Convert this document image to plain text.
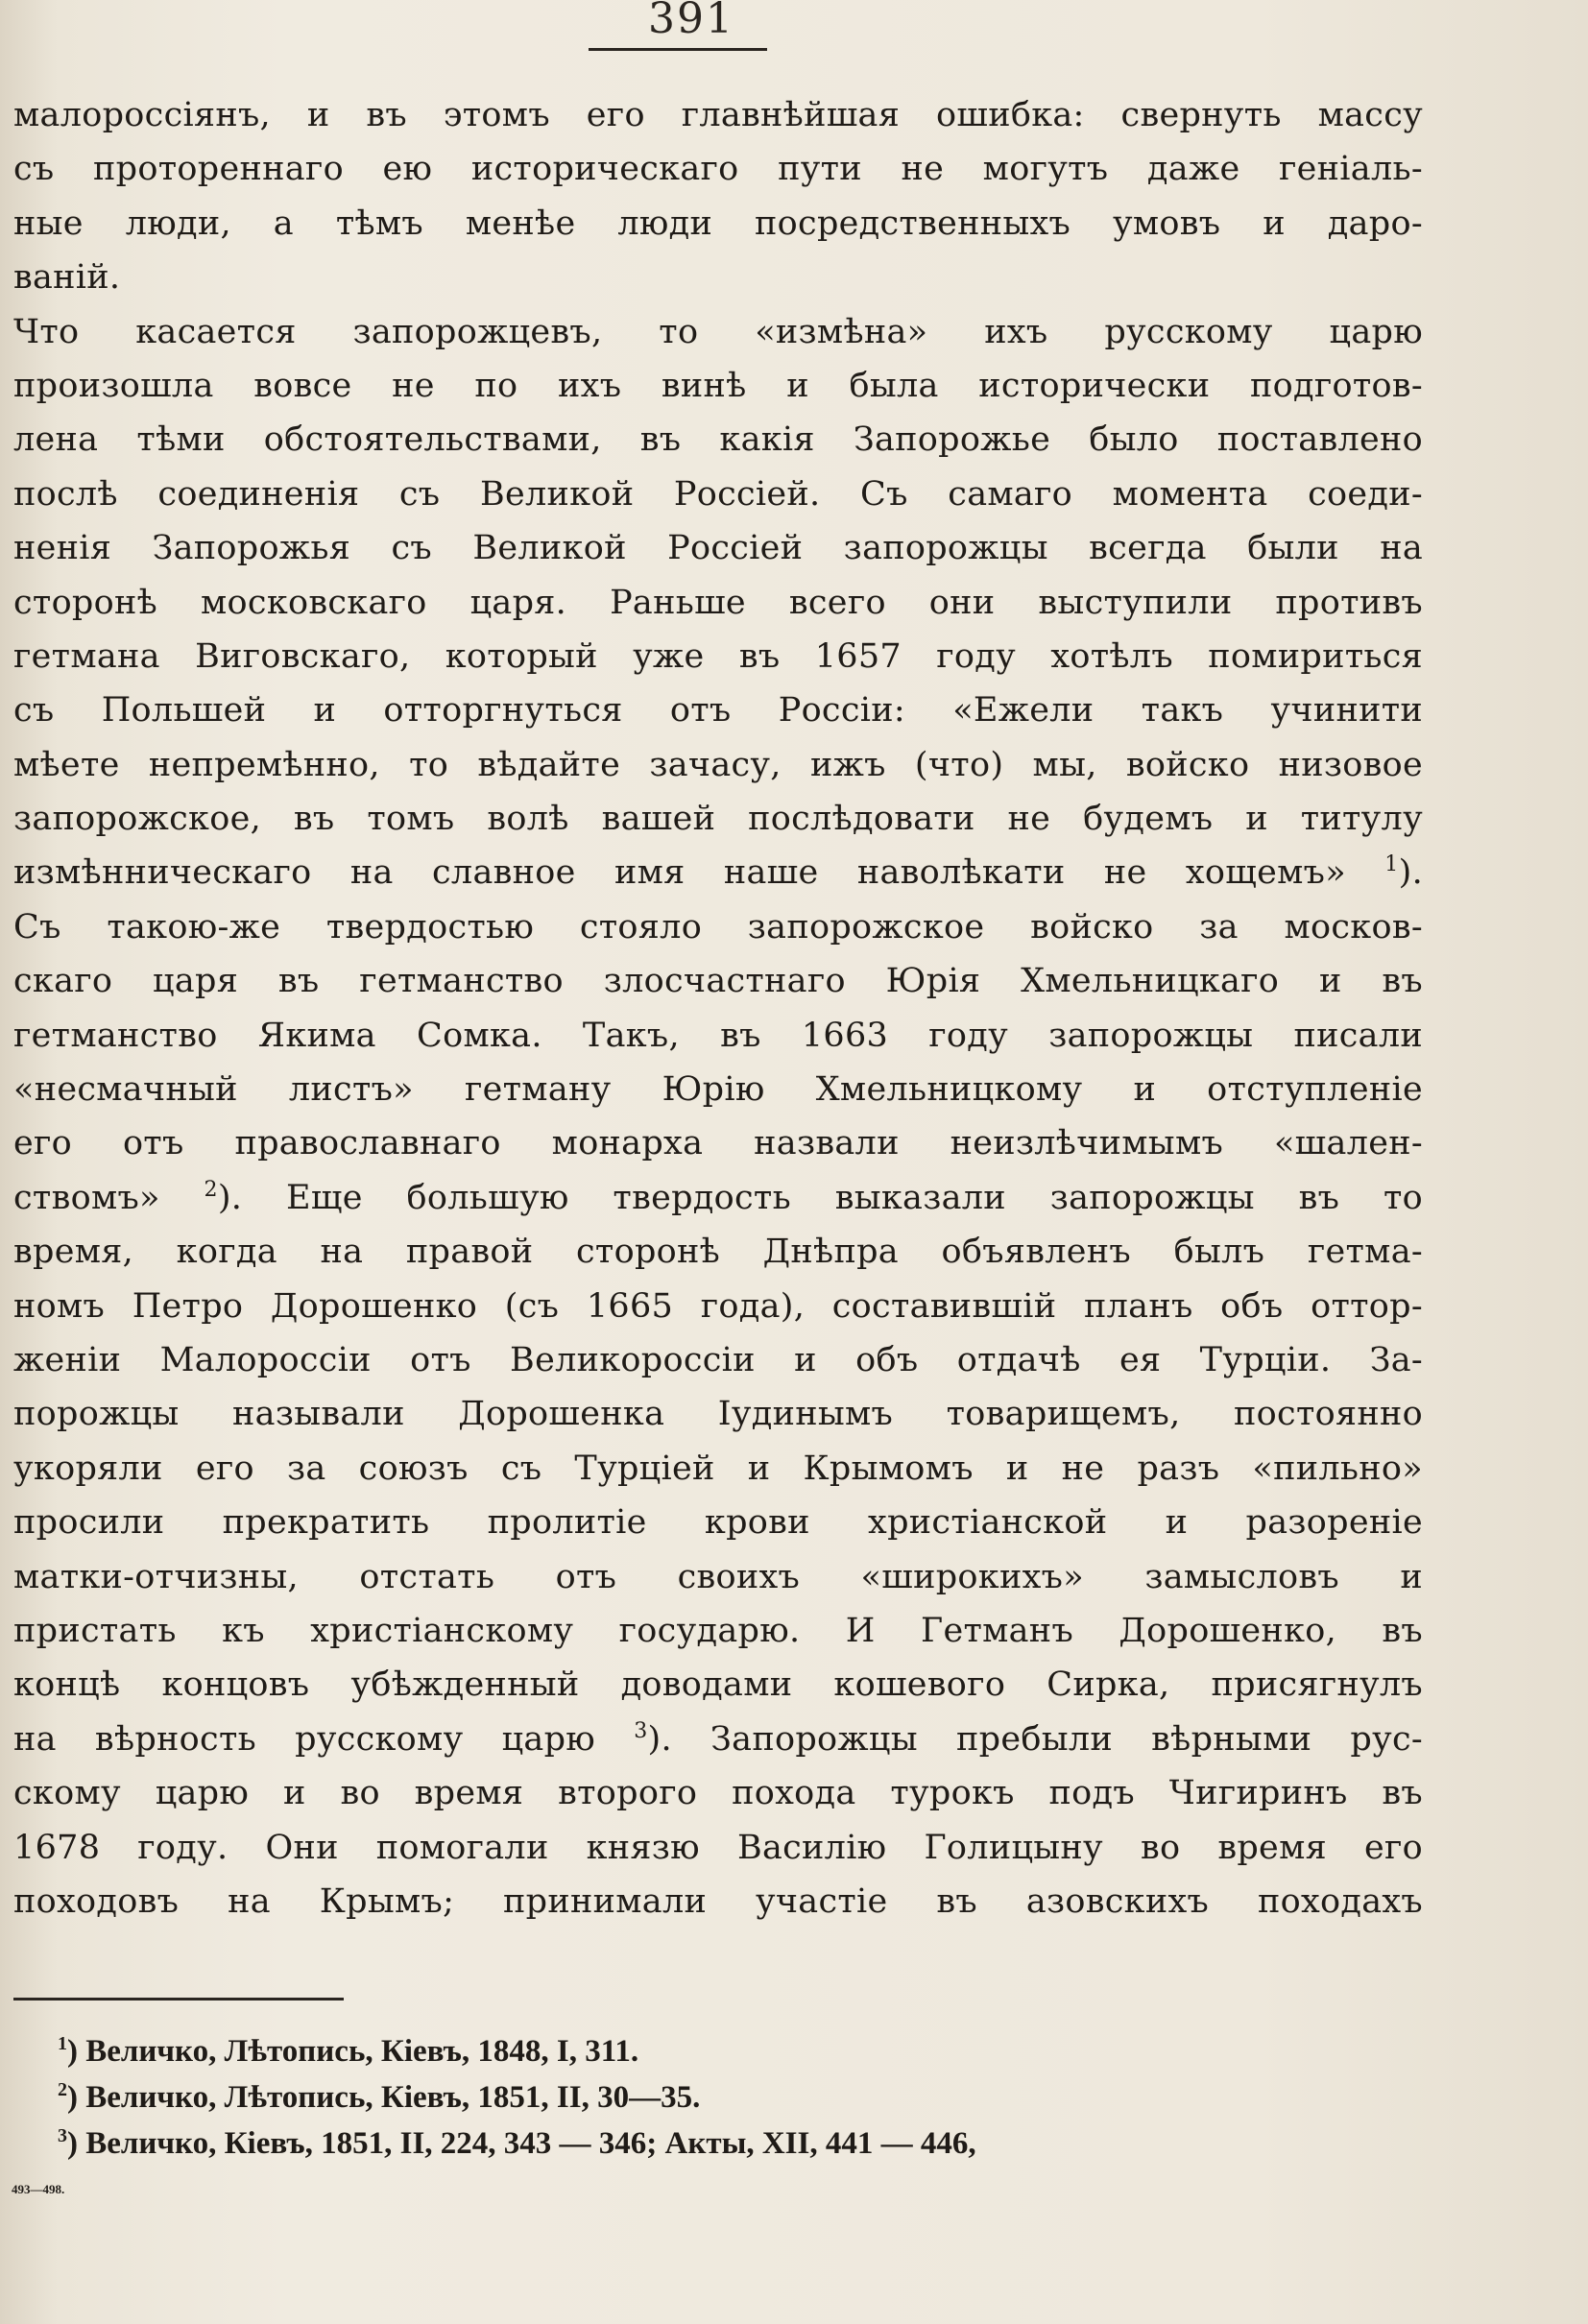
391
малороссіянъ, и въ этомъ его главнѣйшая ошибка: свернуть массу
съ протореннаго ею историческаго пути не могутъ даже геніаль-
ные люди, а тѣмъ менѣе люди посредственныхъ умовъ и даро-
ваній.
Что касается запорожцевъ, то «измѣна» ихъ русскому царю
произошла вовсе не по ихъ винѣ и была исторически подготов-
лена тѣми обстоятельствами, въ какія Запорожье было поставлено
послѣ соединенія съ Великой Россіей. Съ самаго момента соеди-
ненія Запорожья съ Великой Россіей запорожцы всегда были на
сторонѣ московскаго царя. Раньше всего они выступили противъ
гетмана Виговскаго, который уже въ 1657 году хотѣлъ помириться
съ Польшей и отторгнуться отъ Россіи: «Ежели такъ учинити
мѣете непремѣнно, то вѣдайте зачасу, ижъ (что) мы, войско низовое
запорожское, въ томъ волѣ вашей послѣдовати не будемъ и титулу
измѣнническаго на славное имя наше наволѣкати не хощемъ» $^1$).
Съ такою-же твердостью стояло запорожское войско за москов-
скаго царя въ гетманство злосчастнаго Юрія Хмельницкаго и въ
гетманство Якима Сомка. Такъ, въ 1663 году запорожцы писали
«несмачный листъ» гетману Юрію Хмельницкому и отступленіе
его отъ православнаго монарха назвали неизлѣчимымъ «шален-
ствомъ» $^2$). Еще большую твердость выказали запорожцы въ то
время, когда на правой сторонѣ Днѣпра объявленъ былъ гетма-
номъ Петро Дорошенко (съ 1665 года), составившій планъ объ оттор-
женіи Малороссіи отъ Великороссіи и объ отдачѣ ея Турціи. За-
порожцы называли Дорошенка Іудинымъ товарищемъ, постоянно
укоряли его за союзъ съ Турціей и Крымомъ и не разъ «пильно»
просили прекратить пролитіе крови христіанской и разореніе
матки-отчизны, отстать отъ своихъ «широкихъ» замысловъ и
пристать къ христіанскому государю. И Гетманъ Дорошенко, въ
концѣ концовъ убѣжденный доводами кошевого Сирка, присягнулъ
на вѣрность русскому царю $^3$). Запорожцы пребыли вѣрными рус-
скому царю и во время второго похода турокъ подъ Чигиринъ въ
1678 году. Они помогали князю Василію Голицыну во время его
походовъ на Крымъ; принимали участіе въ азовскихъ походахъ
$^1$) Величко, Лѣтопись, Кіевъ, 1848, I, 311.
$^2$) Величко, Лѣтопись, Кіевъ, 1851, II, 30—35.
$^3$) Величко, Кіевъ, 1851, II, 224, 343 — 346; Акты, XII, 441 — 446,
493—498.
